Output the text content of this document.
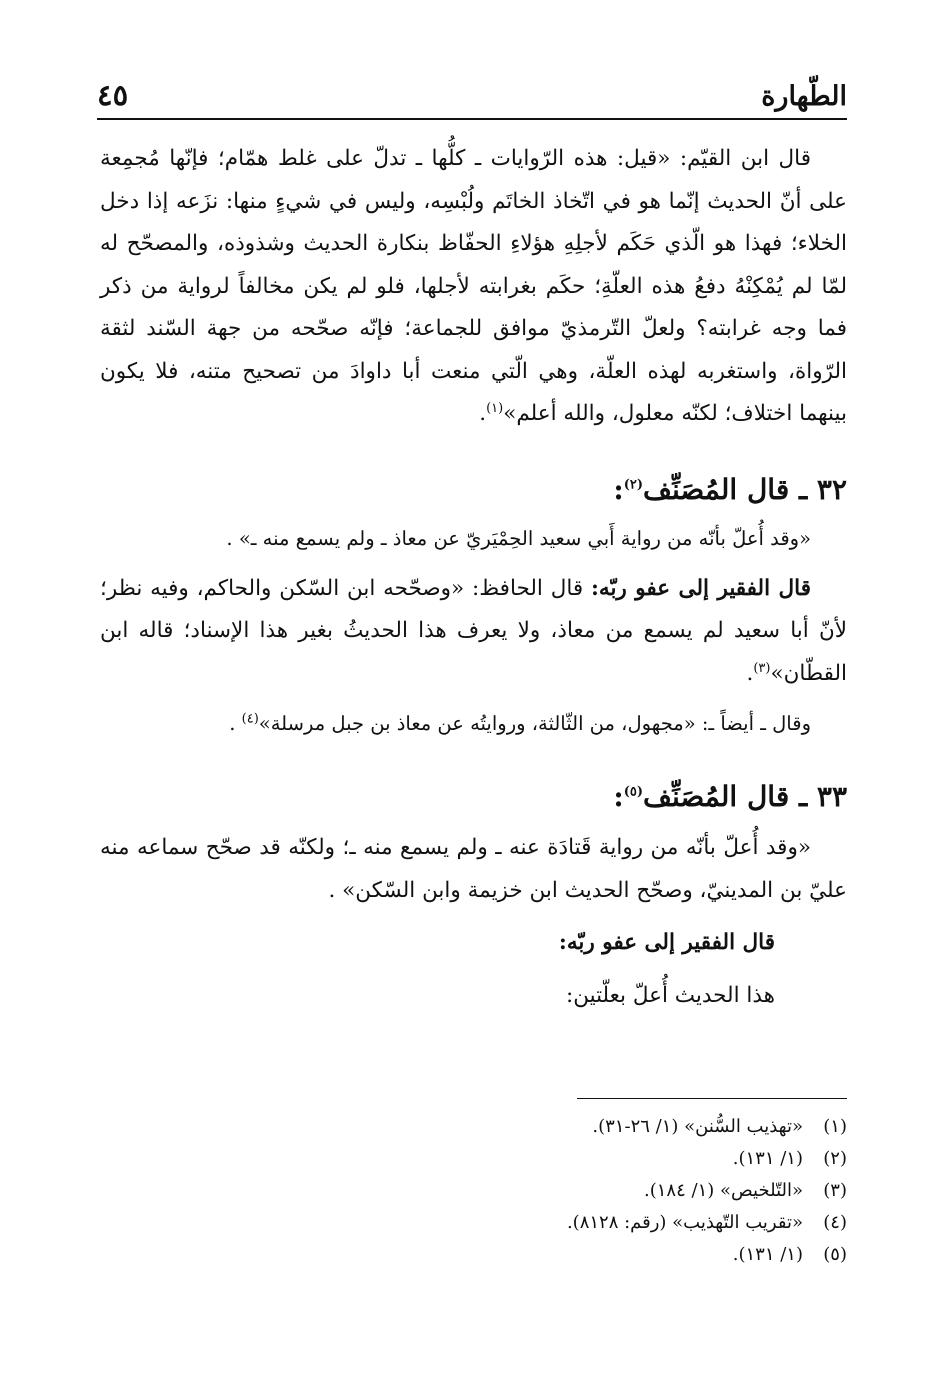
الطّهارة
٤٥

قال ابن القيّم: «قيل: هذه الرّوايات ـ كلُّها ـ تدلّ على غلط همّام؛ فإنّها مُجمِعة على أنّ الحديث إنّما هو في اتّخاذ الخاتَم ولُبْسِه، وليس في شيءٍ منها: نزَعه إذا دخل الخلاء؛ فهذا هو الّذي حَكَم لأجلِهِ هؤلاءِ الحفّاظ بنكارة الحديث وشذوذه، والمصحّح له لمّا لم يُمْكِنْهُ دفعُ هذه العلّةِ؛ حكَم بغرابته لأجلها، فلو لم يكن مخالفاً لرواية من ذكر فما وجه غرابته؟ ولعلّ التّرمذيّ موافق للجماعة؛ فإنّه صحّحه من جهة السّند لثقة الرّواة، واستغربه لهذه العلّة، وهي الّتي منعت أبا داوادَ من تصحيح متنه، فلا يكون بينهما اختلاف؛ لكنّه معلول، والله أعلم»$^{(١)}$.

٣٢ ـ قال المُصَنِّف$^{(٢)}$:

«وقد أُعلّ بأنّه من رواية أَبي سعيد الحِمْيَريّ عن معاذ ـ ولم يسمع منه ـ» .

قال الفقير إلى عفو ربّه: قال الحافظ: «وصحّحه ابن السّكن والحاكم، وفيه نظر؛ لأنّ أبا سعيد لم يسمع من معاذ، ولا يعرف هذا الحديثُ بغير هذا الإسناد؛ قاله ابن القطّان»$^{(٣)}$.

وقال ـ أيضاً ـ: «مجهول، من الثّالثة، وروايتُه عن معاذ بن جبل مرسلة»$^{(٤)}$ .

٣٣ ـ قال المُصَنِّف$^{(٥)}$:

«وقد أُعلّ بأنّه من رواية قَتادَة عنه ـ ولم يسمع منه ـ؛ ولكنّه قد صحّح سماعه منه عليّ بن المدينيّ، وصحّح الحديث ابن خزيمة وابن السّكن» .

قال الفقير إلى عفو ربّه:

هذا الحديث أُعلّ بعلّتين:

(١)
«تهذيب السُّنن» (١/ ٢٦-٣١).
(٢)
(١/ ١٣١).
(٣)
«التّلخيص» (١/ ١٨٤).
(٤)
«تقريب التّهذيب» (رقم: ٨١٢٨).
(٥)
(١/ ١٣١).
